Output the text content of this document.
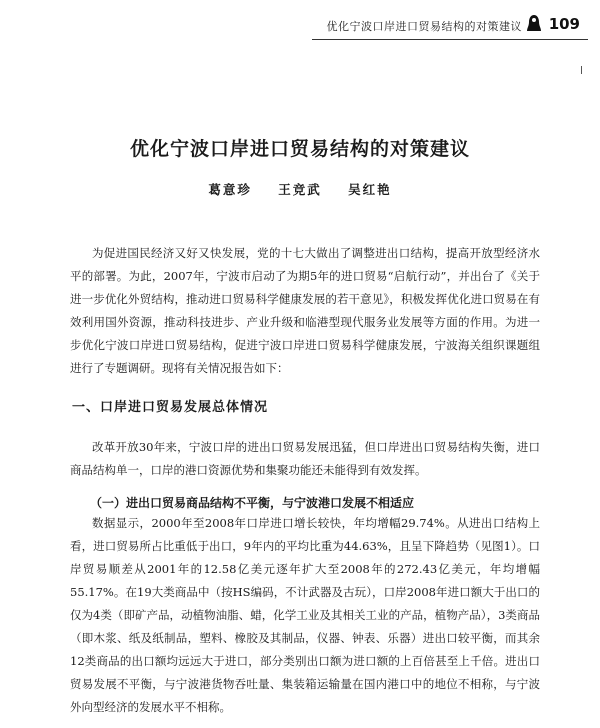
优化宁波口岸进口贸易结构的对策建议 109
优化宁波口岸进口贸易结构的对策建议
葛意珍 王竞武 吴红艳

为促进国民经济又好又快发展，党的十七大做出了调整进出口结构，提高开放型经济水平的部署。为此，2007年，宁波市启动了为期5年的进口贸易“启航行动”，并出台了《关于进一步优化外贸结构，推动进口贸易科学健康发展的若干意见》，积极发挥优化进口贸易在有效利用国外资源，推动科技进步、产业升级和临港型现代服务业发展等方面的作用。为进一步优化宁波口岸进口贸易结构，促进宁波口岸进口贸易科学健康发展，宁波海关组织课题组进行了专题调研。现将有关情况报告如下：

一、口岸进口贸易发展总体情况

改革开放30年来，宁波口岸的进出口贸易发展迅猛，但口岸进出口贸易结构失衡，进口商品结构单一，口岸的港口资源优势和集聚功能还未能得到有效发挥。

（一）进出口贸易商品结构不平衡，与宁波港口发展不相适应

数据显示，2000年至2008年口岸进口增长较快，年均增幅29.74%。从进出口结构上看，进口贸易所占比重低于出口，9年内的平均比重为44.63%，且呈下降趋势（见图1）。口岸贸易顺差从2001年的12.58亿美元逐年扩大至2008年的272.43亿美元，年均增幅55.17%。在19大类商品中（按HS编码，不计武器及古玩），口岸2008年进口额大于出口的仅为4类（即矿产品，动植物油脂、蜡，化学工业及其相关工业的产品，植物产品），3类商品（即木浆、纸及纸制品，塑料、橡胶及其制品，仪器、钟表、乐器）进出口较平衡，而其余12类商品的出口额均远远大于进口，部分类别出口额为进口额的上百倍甚至上千倍。进出口贸易发展不平衡，与宁波港货物吞吐量、集装箱运输量在国内港口中的地位不相称，与宁波外向型经济的发展水平不相称。
